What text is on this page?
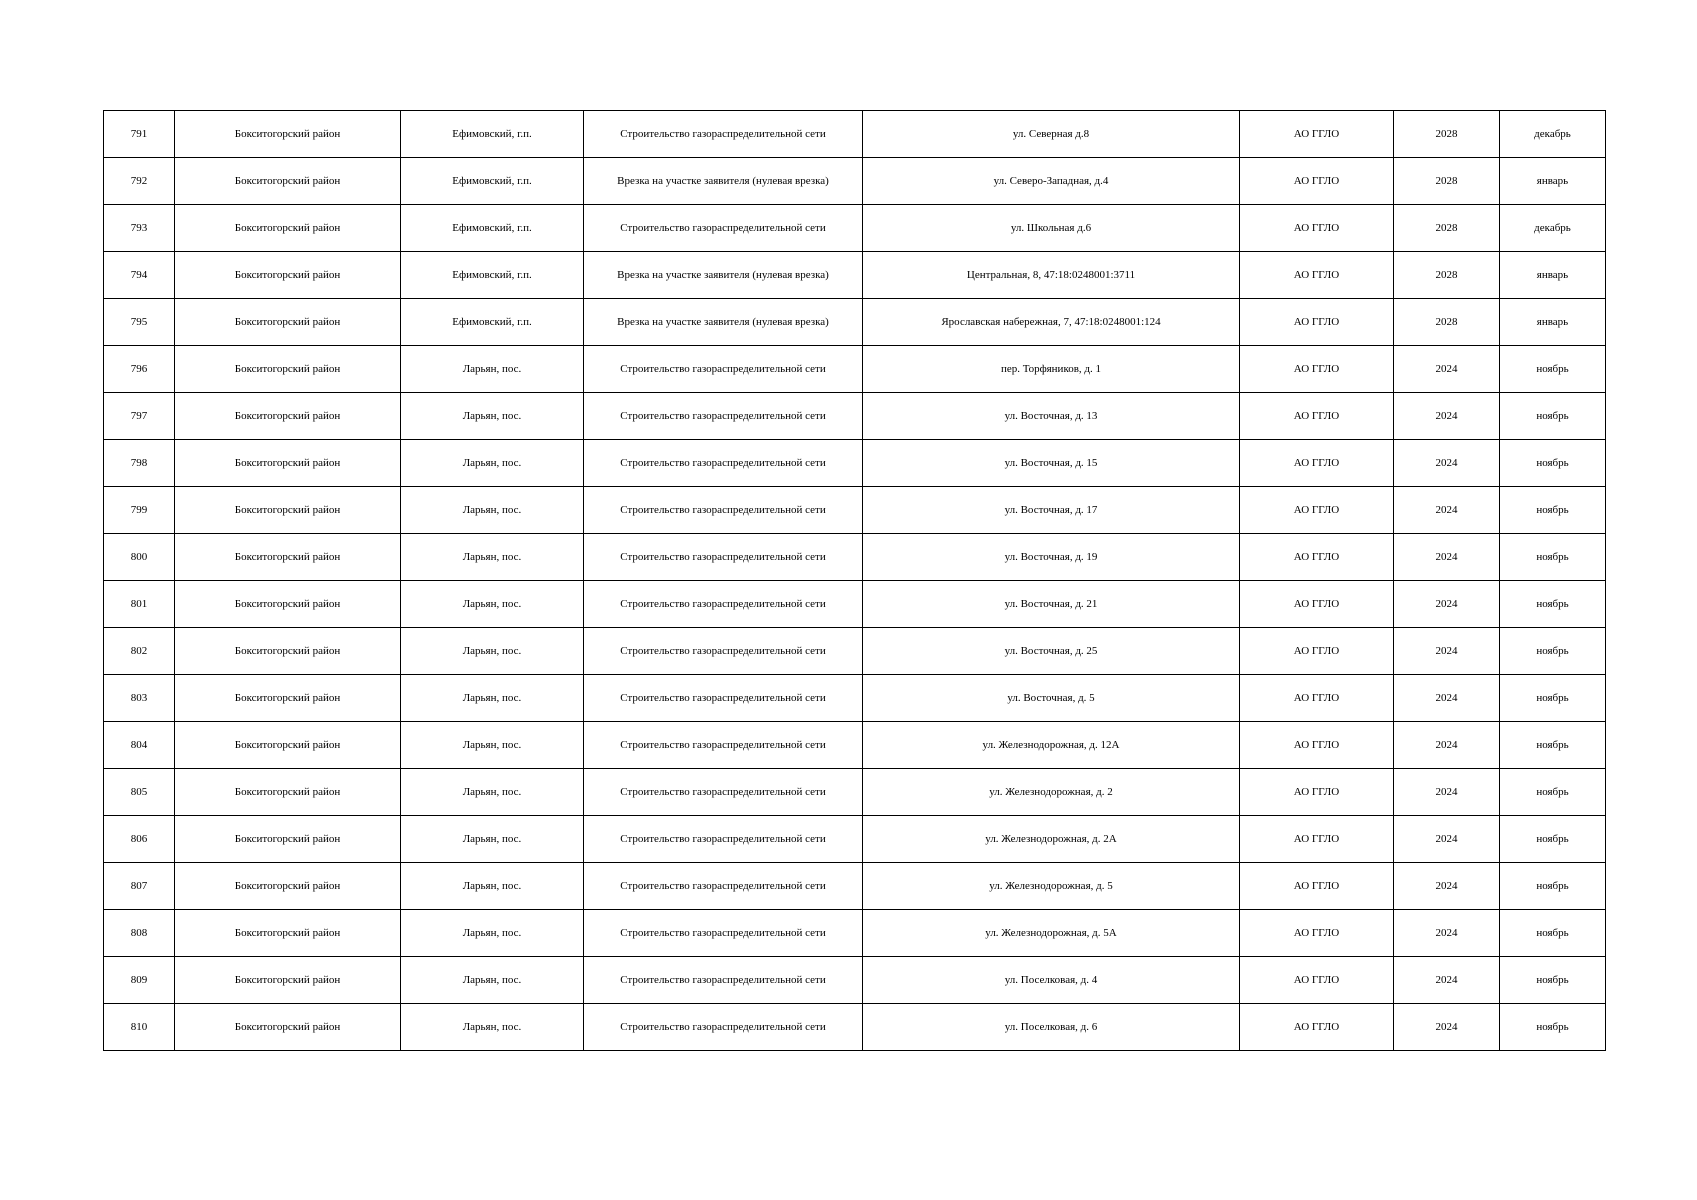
791	Бокситогорский район	Ефимовский, г.п.	Строительство газораспределительной сети	ул. Северная д.8	АО ГГЛО	2028	декабрь
792	Бокситогорский район	Ефимовский, г.п.	Врезка на участке заявителя (нулевая врезка)	ул. Северо-Западная, д.4	АО ГГЛО	2028	январь
793	Бокситогорский район	Ефимовский, г.п.	Строительство газораспределительной сети	ул. Школьная д.6	АО ГГЛО	2028	декабрь
794	Бокситогорский район	Ефимовский, г.п.	Врезка на участке заявителя (нулевая врезка)	Центральная, 8, 47:18:0248001:3711	АО ГГЛО	2028	январь
795	Бокситогорский район	Ефимовский, г.п.	Врезка на участке заявителя (нулевая врезка)	Ярославская набережная, 7, 47:18:0248001:124	АО ГГЛО	2028	январь
796	Бокситогорский район	Ларьян, пос.	Строительство газораспределительной сети	пер. Торфяников, д. 1	АО ГГЛО	2024	ноябрь
797	Бокситогорский район	Ларьян, пос.	Строительство газораспределительной сети	ул. Восточная, д. 13	АО ГГЛО	2024	ноябрь
798	Бокситогорский район	Ларьян, пос.	Строительство газораспределительной сети	ул. Восточная, д. 15	АО ГГЛО	2024	ноябрь
799	Бокситогорский район	Ларьян, пос.	Строительство газораспределительной сети	ул. Восточная, д. 17	АО ГГЛО	2024	ноябрь
800	Бокситогорский район	Ларьян, пос.	Строительство газораспределительной сети	ул. Восточная, д. 19	АО ГГЛО	2024	ноябрь
801	Бокситогорский район	Ларьян, пос.	Строительство газораспределительной сети	ул. Восточная, д. 21	АО ГГЛО	2024	ноябрь
802	Бокситогорский район	Ларьян, пос.	Строительство газораспределительной сети	ул. Восточная, д. 25	АО ГГЛО	2024	ноябрь
803	Бокситогорский район	Ларьян, пос.	Строительство газораспределительной сети	ул. Восточная, д. 5	АО ГГЛО	2024	ноябрь
804	Бокситогорский район	Ларьян, пос.	Строительство газораспределительной сети	ул. Железнодорожная, д. 12А	АО ГГЛО	2024	ноябрь
805	Бокситогорский район	Ларьян, пос.	Строительство газораспределительной сети	ул. Железнодорожная, д. 2	АО ГГЛО	2024	ноябрь
806	Бокситогорский район	Ларьян, пос.	Строительство газораспределительной сети	ул. Железнодорожная, д. 2А	АО ГГЛО	2024	ноябрь
807	Бокситогорский район	Ларьян, пос.	Строительство газораспределительной сети	ул. Железнодорожная, д. 5	АО ГГЛО	2024	ноябрь
808	Бокситогорский район	Ларьян, пос.	Строительство газораспределительной сети	ул. Железнодорожная, д. 5А	АО ГГЛО	2024	ноябрь
809	Бокситогорский район	Ларьян, пос.	Строительство газораспределительной сети	ул. Поселковая, д. 4	АО ГГЛО	2024	ноябрь
810	Бокситогорский район	Ларьян, пос.	Строительство газораспределительной сети	ул. Поселковая, д. 6	АО ГГЛО	2024	ноябрь
